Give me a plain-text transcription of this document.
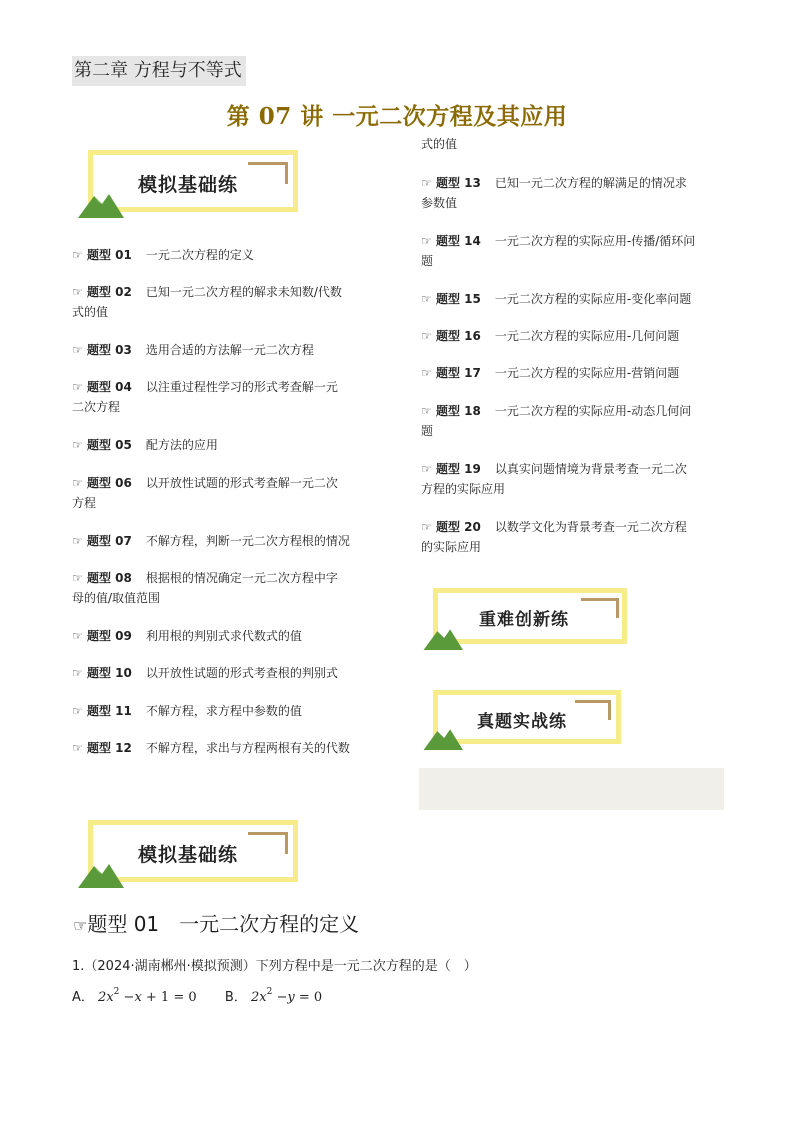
第二章 方程与不等式
第 07 讲 一元二次方程及其应用
模拟基础练
☞ 题型 01 一元二次方程的定义
☞ 题型 02 已知一元二次方程的解求未知数/代数
式的值
☞ 题型 03 选用合适的方法解一元二次方程
☞ 题型 04 以注重过程性学习的形式考查解一元
二次方程
☞ 题型 05 配方法的应用
☞ 题型 06 以开放性试题的形式考查解一元二次
方程
☞ 题型 07 不解方程，判断一元二次方程根的情况
☞ 题型 08 根据根的情况确定一元二次方程中字
母的值/取值范围
☞ 题型 09 利用根的判别式求代数式的值
☞ 题型 10 以开放性试题的形式考查根的判别式
☞ 题型 11 不解方程，求方程中参数的值
☞ 题型 12 不解方程，求出与方程两根有关的代数
式的值
☞ 题型 13 已知一元二次方程的解满足的情况求
参数值
☞ 题型 14 一元二次方程的实际应用-传播/循环问
题
☞ 题型 15 一元二次方程的实际应用-变化率问题
☞ 题型 16 一元二次方程的实际应用-几何问题
☞ 题型 17 一元二次方程的实际应用-营销问题
☞ 题型 18 一元二次方程的实际应用-动态几何问
题
☞ 题型 19 以真实问题情境为背景考查一元二次
方程的实际应用
☞ 题型 20 以数学文化为背景考查一元二次方程
的实际应用
重难创新练
真题实战练
模拟基础练
☞题型 01　一元二次方程的定义
1.（2024·湖南郴州·模拟预测）下列方程中是一元二次方程的是（　）
A． $2x^2 -x + 1 = 0$ B． $2x^2 -y = 0$
